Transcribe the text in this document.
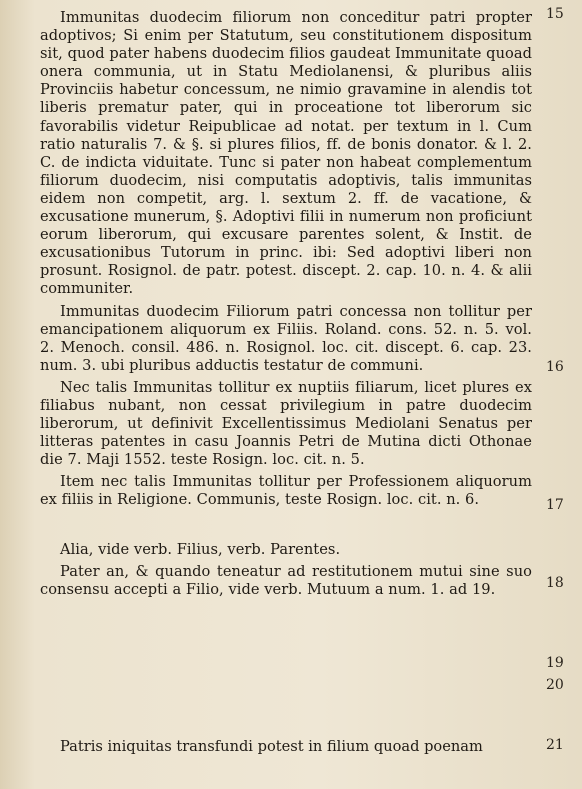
Immunitas duodecim filiorum non conceditur patri propter adoptivos; Si enim per Statutum, seu constitutionem dispositum sit, quod pater habens duodecim filios gaudeat Immunitate quoad onera communia, ut in Statu Mediolanensi, & pluribus aliis Provinciis habetur concessum, ne nimio gravamine in alendis tot liberis prematur pater, qui in proceatione tot liberorum sic favorabilis videtur Reipublicae ad notat. per textum in l. Cum ratio naturalis 7. & §. si plures filios, ff. de bonis donator. & l. 2. C. de indicta viduitate. Tunc si pater non habeat complementum filiorum duodecim, nisi computatis adoptivis, talis immunitas eidem non competit, arg. l. sextum 2. ff. de vacatione, & excusatione munerum, §. Adoptivi filii in numerum non proficiunt eorum liberorum, qui excusare parentes solent, & Instit. de excusationibus Tutorum in princ. ibi: Sed adoptivi liberi non prosunt. Rosignol. de patr. potest. discept. 2. cap. 10. n. 4. & alii communiter.

Immunitas duodecim Filiorum patri concessa non tollitur per emancipationem aliquorum ex Filiis. Roland. cons. 52. n. 5. vol. 2. Menoch. consil. 486. n. Rosignol. loc. cit. discept. 6. cap. 23. num. 3. ubi pluribus adductis testatur de communi.

Nec talis Immunitas tollitur ex nuptiis filiarum, licet plures ex filiabus nubant, non cessat privilegium in patre duodecim liberorum, ut definivit Excellentissimus Mediolani Senatus per litteras patentes in casu Joannis Petri de Mutina dicti Othonae die 7. Maji 1552. teste Rosign. loc. cit. n. 5.

Item nec talis Immunitas tollitur per Professionem aliquorum ex filiis in Religione. Communis, teste Rosign. loc. cit. n. 6.

Alia, vide verb. Filius, verb. Parentes.

Pater an, & quando teneatur ad restitutionem mutui sine suo consensu accepti a Filio, vide verb. Mutuum a num. 1. ad 19.

Patris iniquitas transfundi potest in filium quoad poenam

15
16
17
18
19
20
21
